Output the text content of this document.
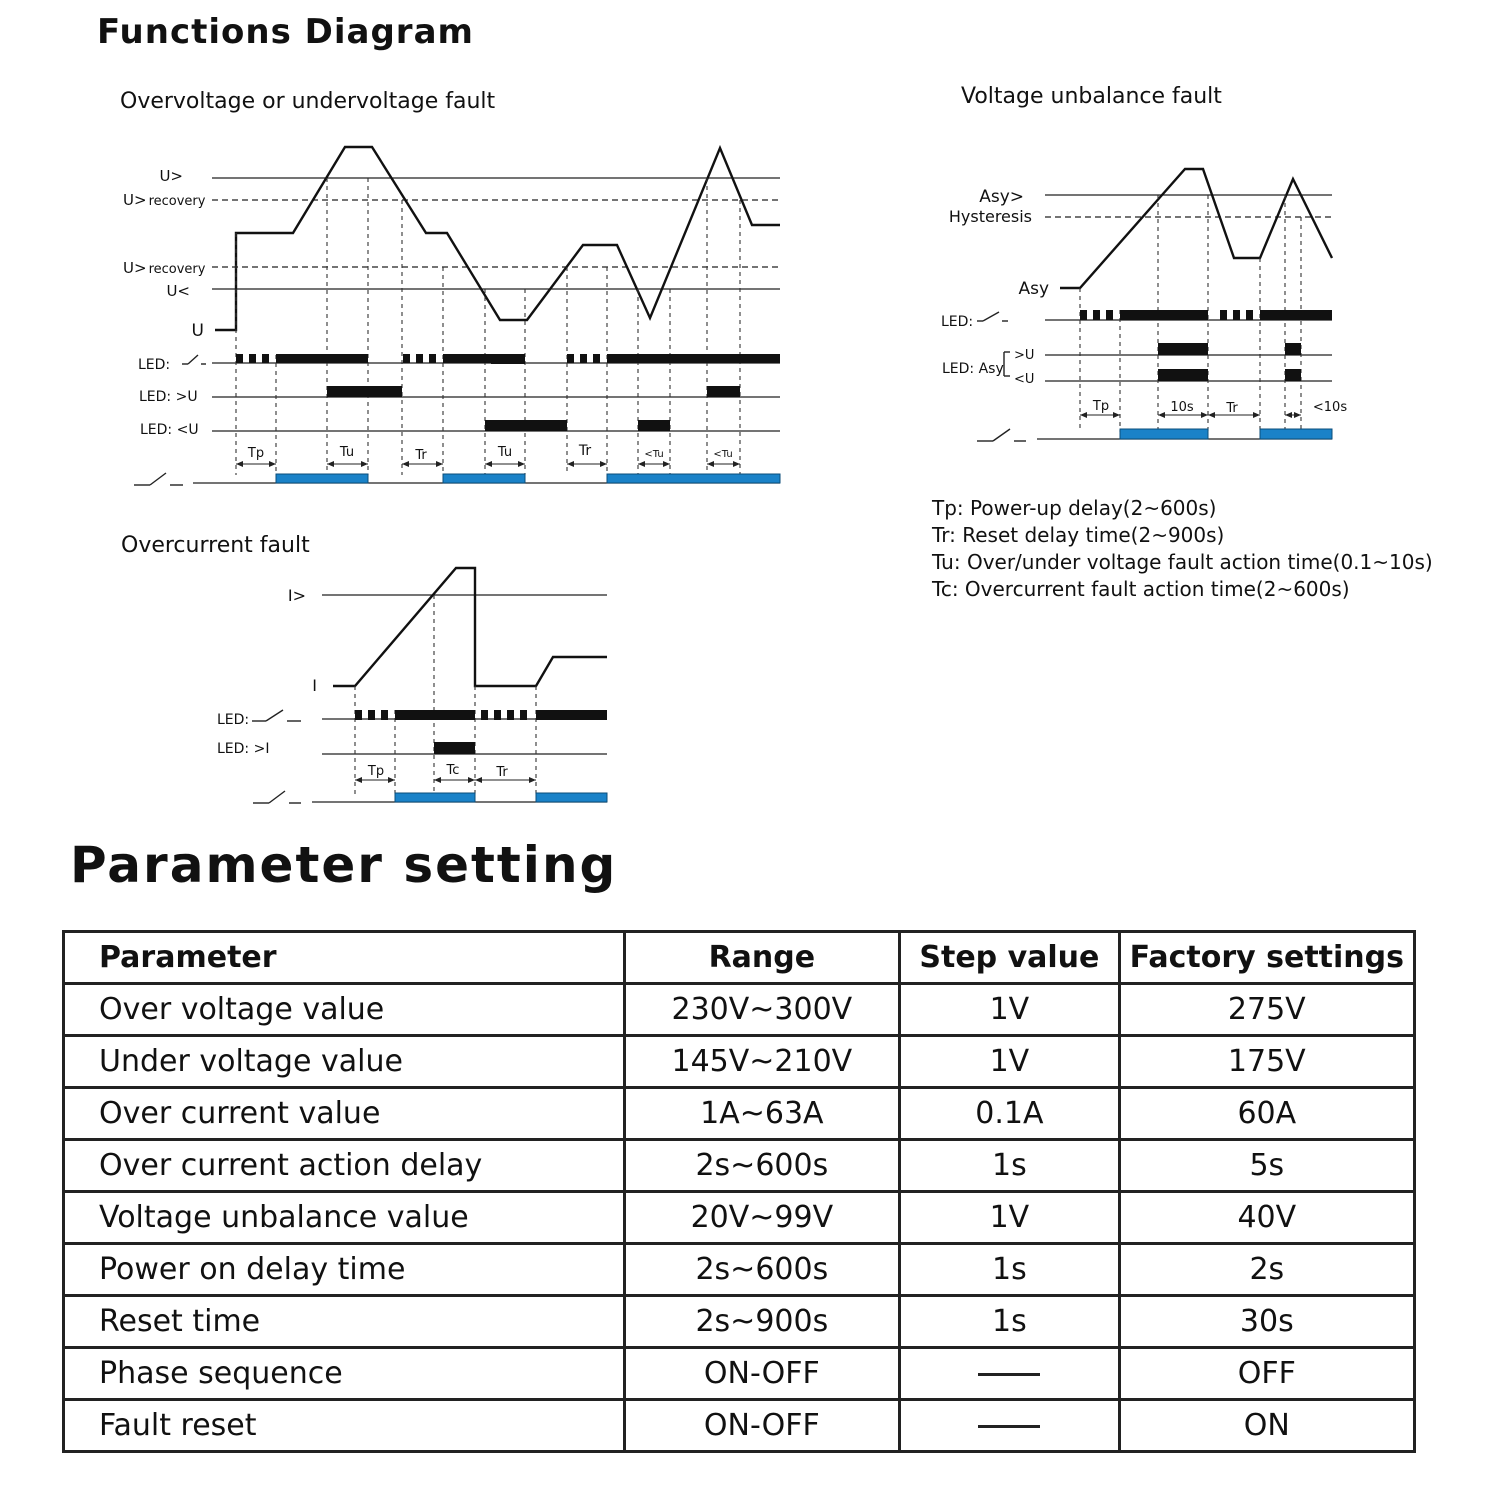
Functions Diagram
Overvoltage or undervoltage fault	Voltage unbalance fault
Overcurrent fault
U>
U> recovery
U> recovery
U<
U
LED:
LED: >U
LED: <U
Tp	Tu	Tr	Tu	Tr	<Tu	<Tu
Asy>
Hysteresis
Asy
LED:
LED: Asy
>U
<U
Tp	10s	Tr	<10s
Tp: Power-up delay(2~600s)
Tr: Reset delay time(2~900s)
Tu: Over/under voltage fault action time(0.1~10s)
Tc: Overcurrent fault action time(2~600s)
I>
I
LED:
LED: >I
Tp	Tc	Tr
Parameter setting
Parameter	Range	Step value	Factory settings
Over voltage value	230V~300V	1V	275V
Under voltage value	145V~210V	1V	175V
Over current value	1A~63A	0.1A	60A
Over current action delay	2s~600s	1s	5s
Voltage unbalance value	20V~99V	1V	40V
Power on delay time	2s~600s	1s	2s
Reset time	2s~900s	1s	30s
Phase sequence	ON-OFF		OFF
Fault reset	ON-OFF		ON
